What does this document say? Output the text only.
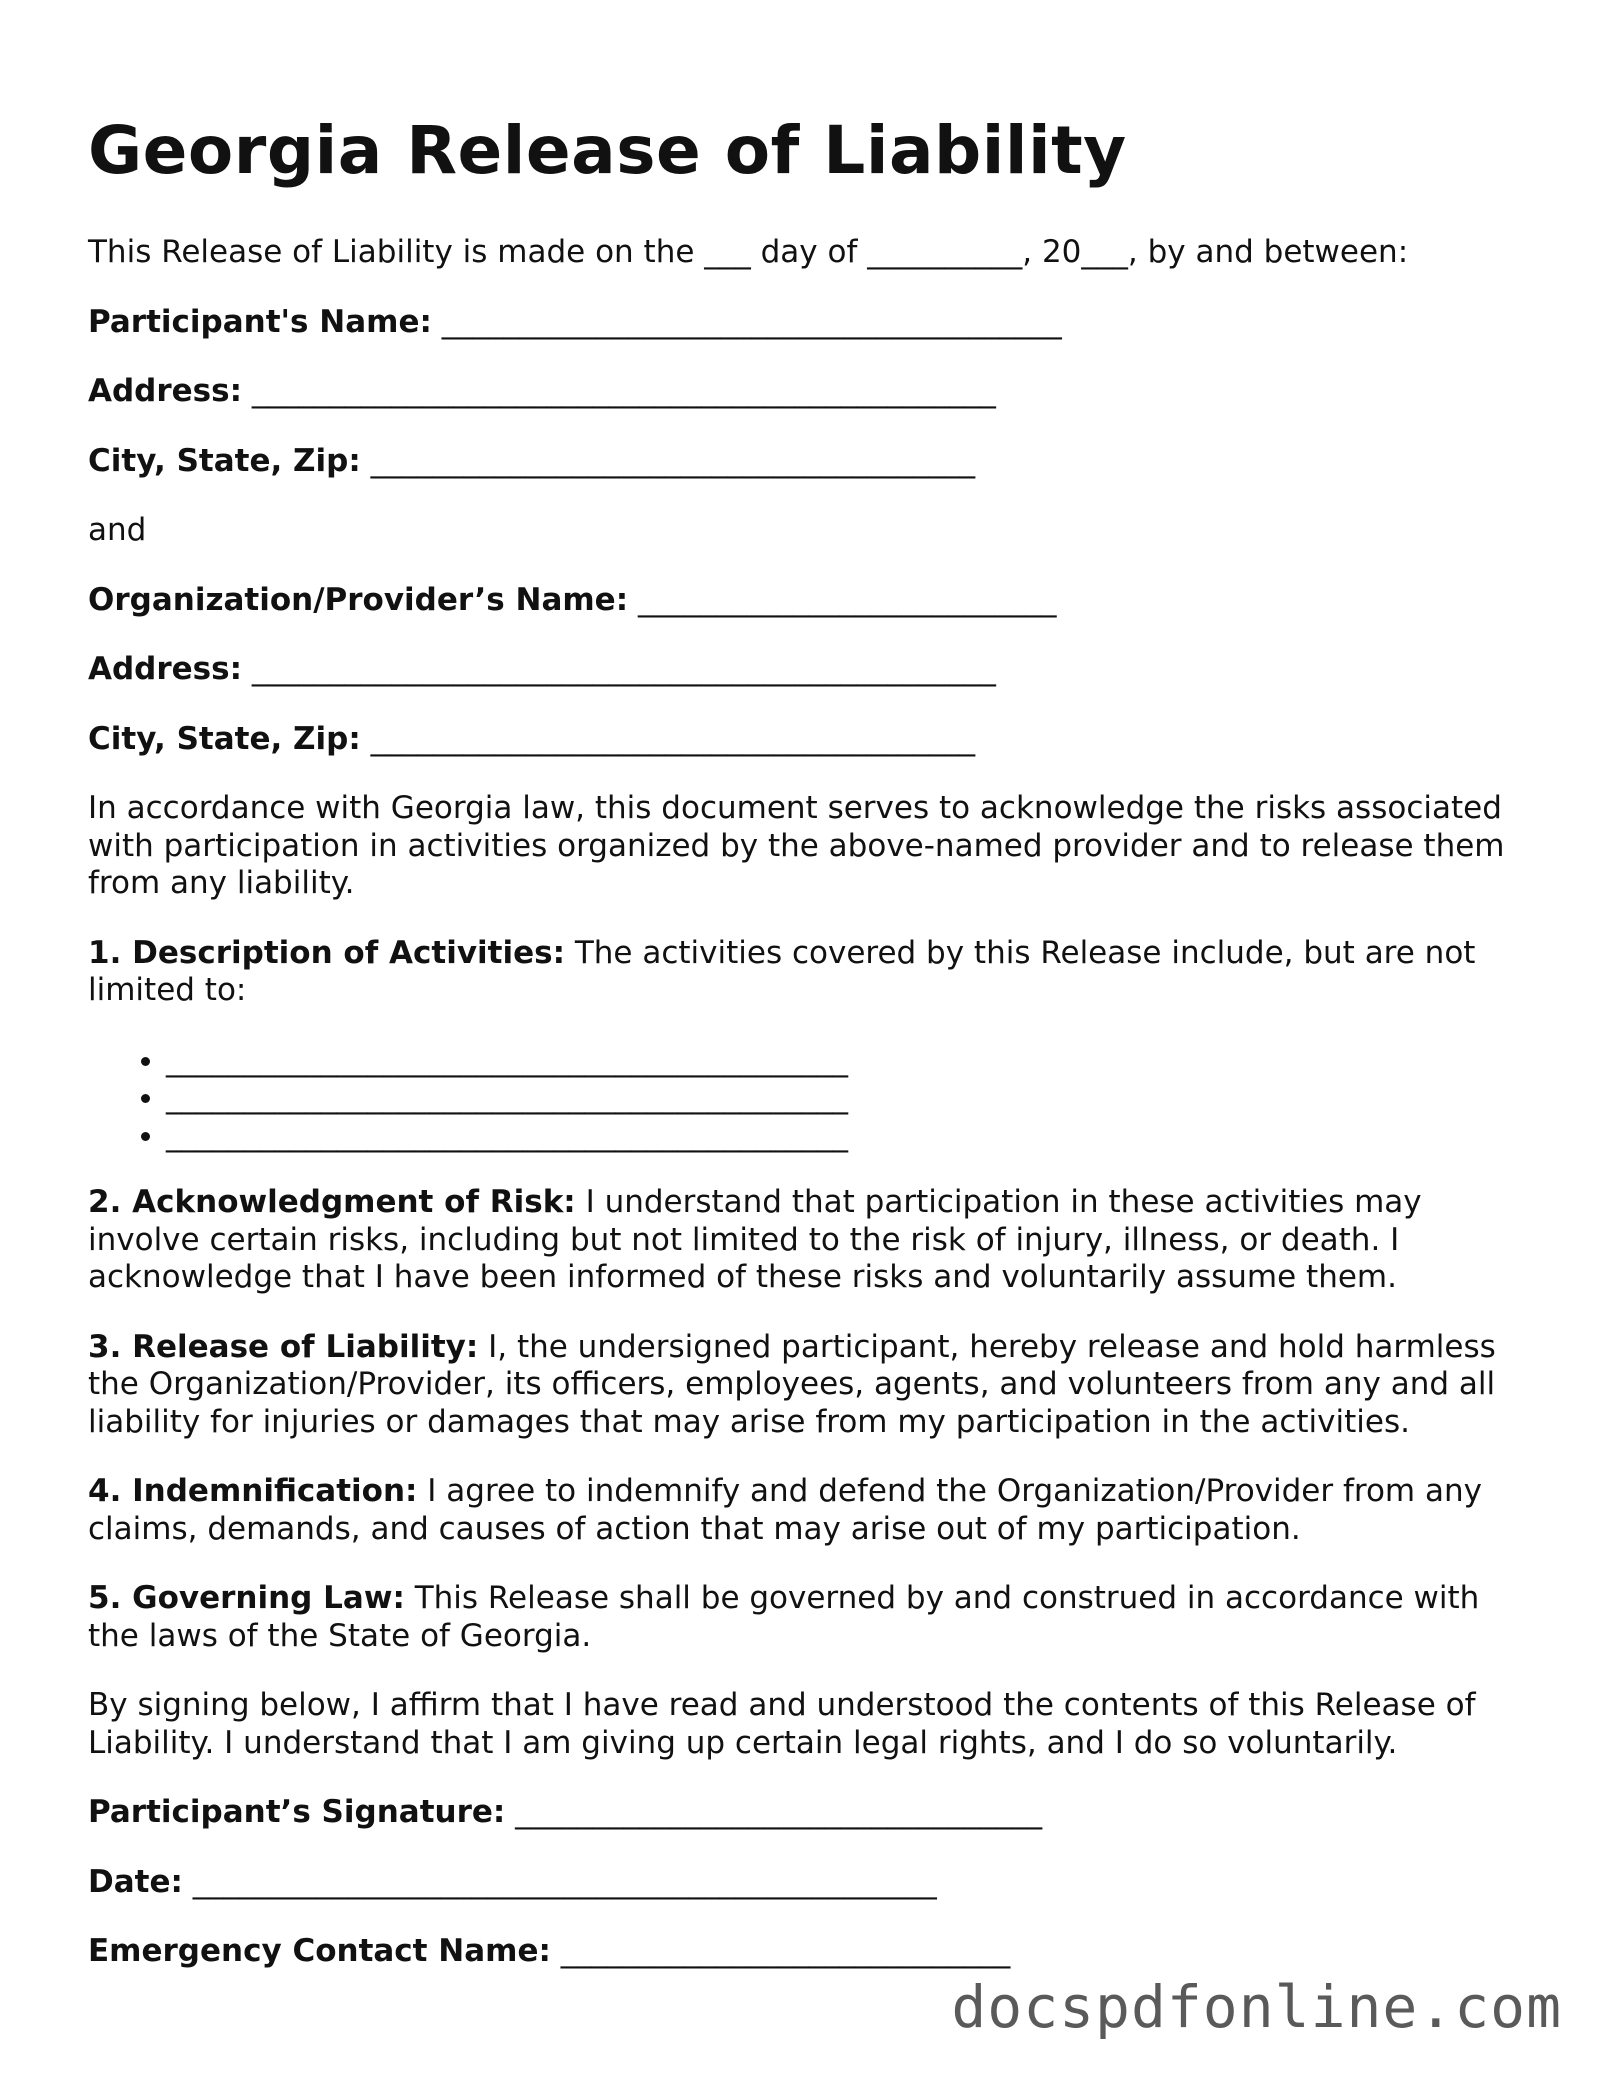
Georgia Release of Liability

This Release of Liability is made on the ___ day of __________, 20___, by and between:

Participant's Name: ________________________________________
Address: ________________________________________________
City, State, Zip: _______________________________________

and

Organization/Provider’s Name: ___________________________
Address: ________________________________________________
City, State, Zip: _______________________________________

In accordance with Georgia law, this document serves to acknowledge the risks associated with participation in activities organized by the above-named provider and to release them from any liability.

1. Description of Activities: The activities covered by this Release include, but are not limited to:

• ____________________________________________
• ____________________________________________
• ____________________________________________

2. Acknowledgment of Risk: I understand that participation in these activities may involve certain risks, including but not limited to the risk of injury, illness, or death. I acknowledge that I have been informed of these risks and voluntarily assume them.

3. Release of Liability: I, the undersigned participant, hereby release and hold harmless the Organization/Provider, its officers, employees, agents, and volunteers from any and all liability for injuries or damages that may arise from my participation in the activities.

4. Indemnification: I agree to indemnify and defend the Organization/Provider from any claims, demands, and causes of action that may arise out of my participation.

5. Governing Law: This Release shall be governed by and construed in accordance with the laws of the State of Georgia.

By signing below, I affirm that I have read and understood the contents of this Release of Liability. I understand that I am giving up certain legal rights, and I do so voluntarily.

Participant’s Signature: __________________________________
Date: ________________________________________________
Emergency Contact Name: _____________________________
docspdfonline.com
